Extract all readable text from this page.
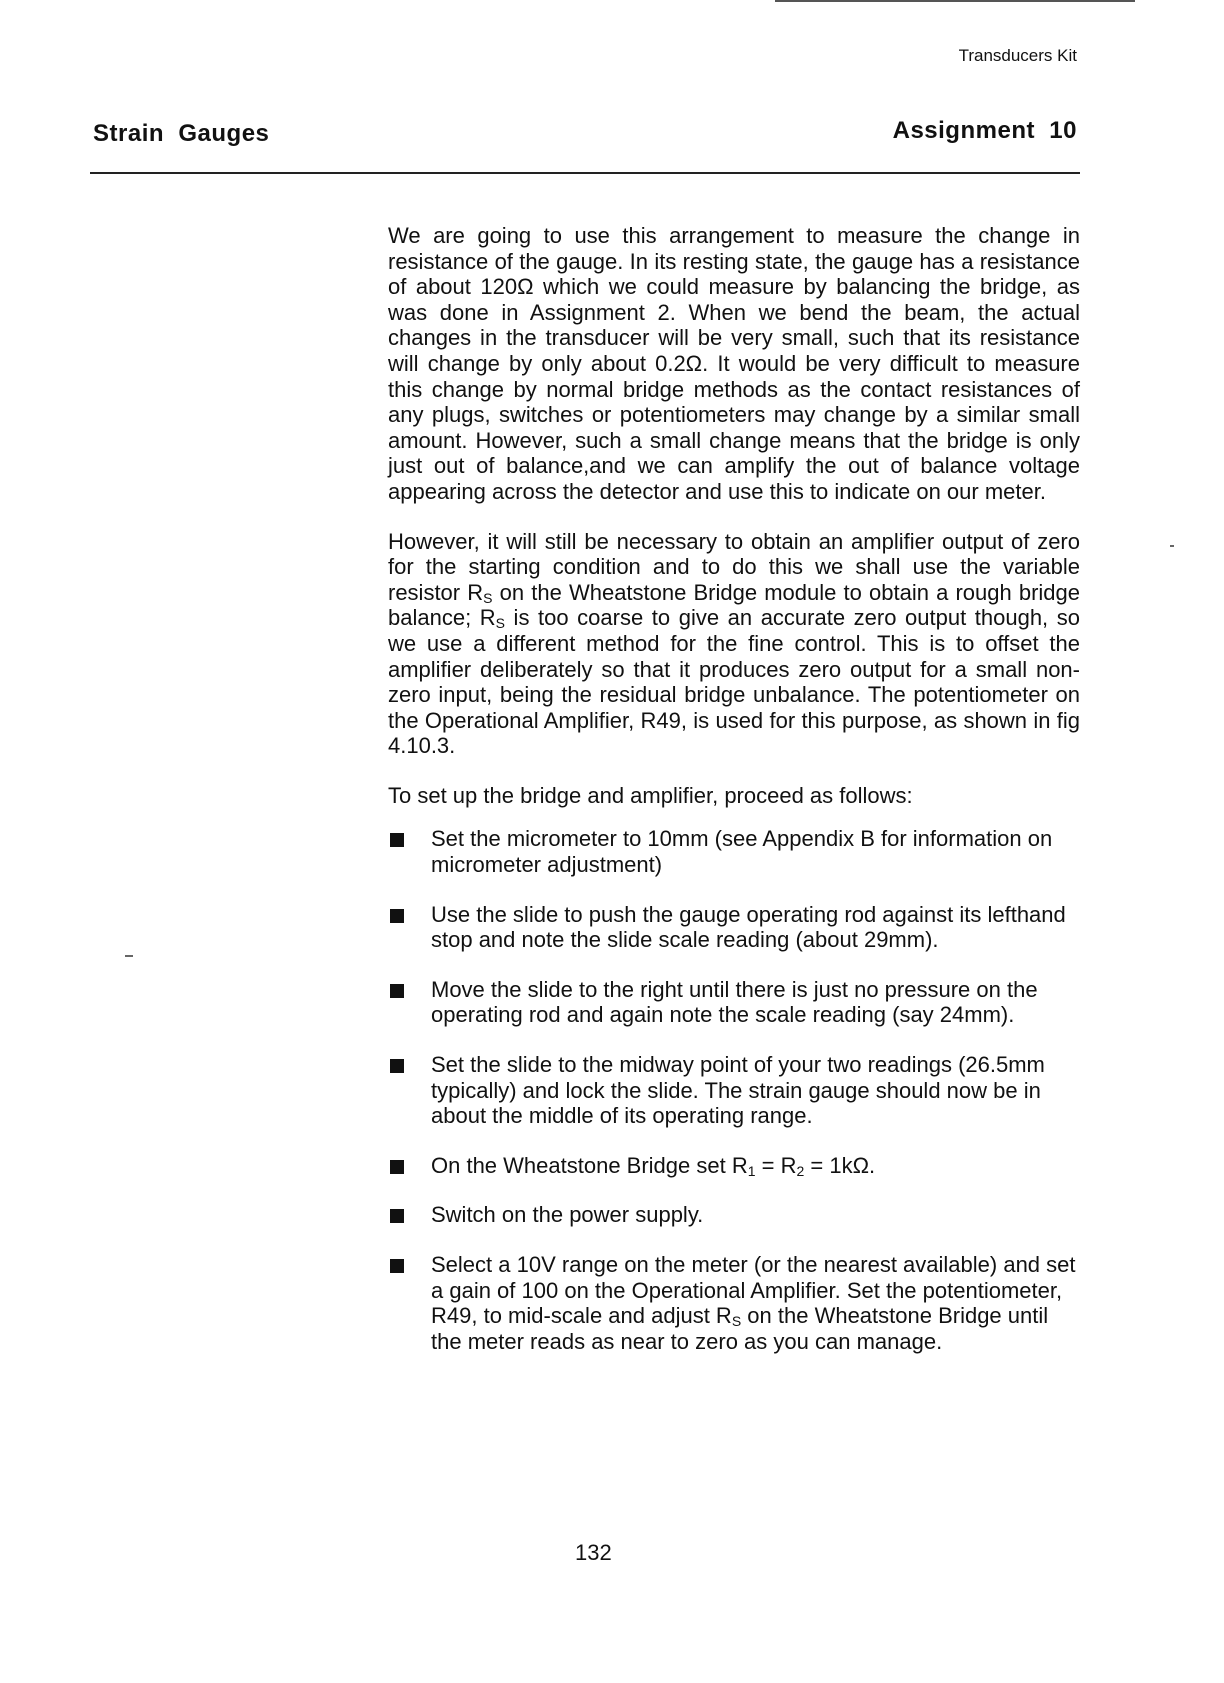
Transducers Kit
Strain  Gauges	Assignment  10

We are going to use this arrangement to measure the change in resistance of the gauge. In its resting state, the gauge has a resistance of about 120Ω which we could measure by balancing the bridge, as was done in Assignment 2. When we bend the beam, the actual changes in the transducer will be very small, such that its resistance will change by only about 0.2Ω. It would be very difficult to measure this change by normal bridge methods as the contact resistances of any plugs, switches or potentiometers may change by a similar small amount. However, such a small change means that the bridge is only just out of balance,and we can amplify the out of balance voltage appearing across the detector and use this to indicate on our meter.

However, it will still be necessary to obtain an amplifier output of zero for the starting condition and to do this we shall use the variable resistor $R_S$ on the Wheatstone Bridge module to obtain a rough bridge balance; $R_S$ is too coarse to give an accurate zero output though, so we use a different method for the fine control. This is to offset the amplifier deliberately so that it produces zero output for a small non-zero input, being the residual bridge unbalance. The potentiometer on the Operational Amplifier, R49, is used for this purpose, as shown in fig 4.10.3.

To set up the bridge and amplifier, proceed as follows:

Set the micrometer to 10mm (see Appendix B for information on micrometer adjustment)
Use the slide to push the gauge operating rod against its lefthand stop and note the slide scale reading (about 29mm).
Move the slide to the right until there is just no pressure on the operating rod and again note the scale reading (say 24mm).
Set the slide to the midway point of your two readings (26.5mm typically) and lock the slide. The strain gauge should now be in about the middle of its operating range.
On the Wheatstone Bridge set $R_1 = R_2 = 1k\Omega$.
Switch on the power supply.
Select a 10V range on the meter (or the nearest available) and set a gain of 100 on the Operational Amplifier. Set the potentiometer, R49, to mid-scale and adjust $R_S$ on the Wheatstone Bridge until the meter reads as near to zero as you can manage.
132
